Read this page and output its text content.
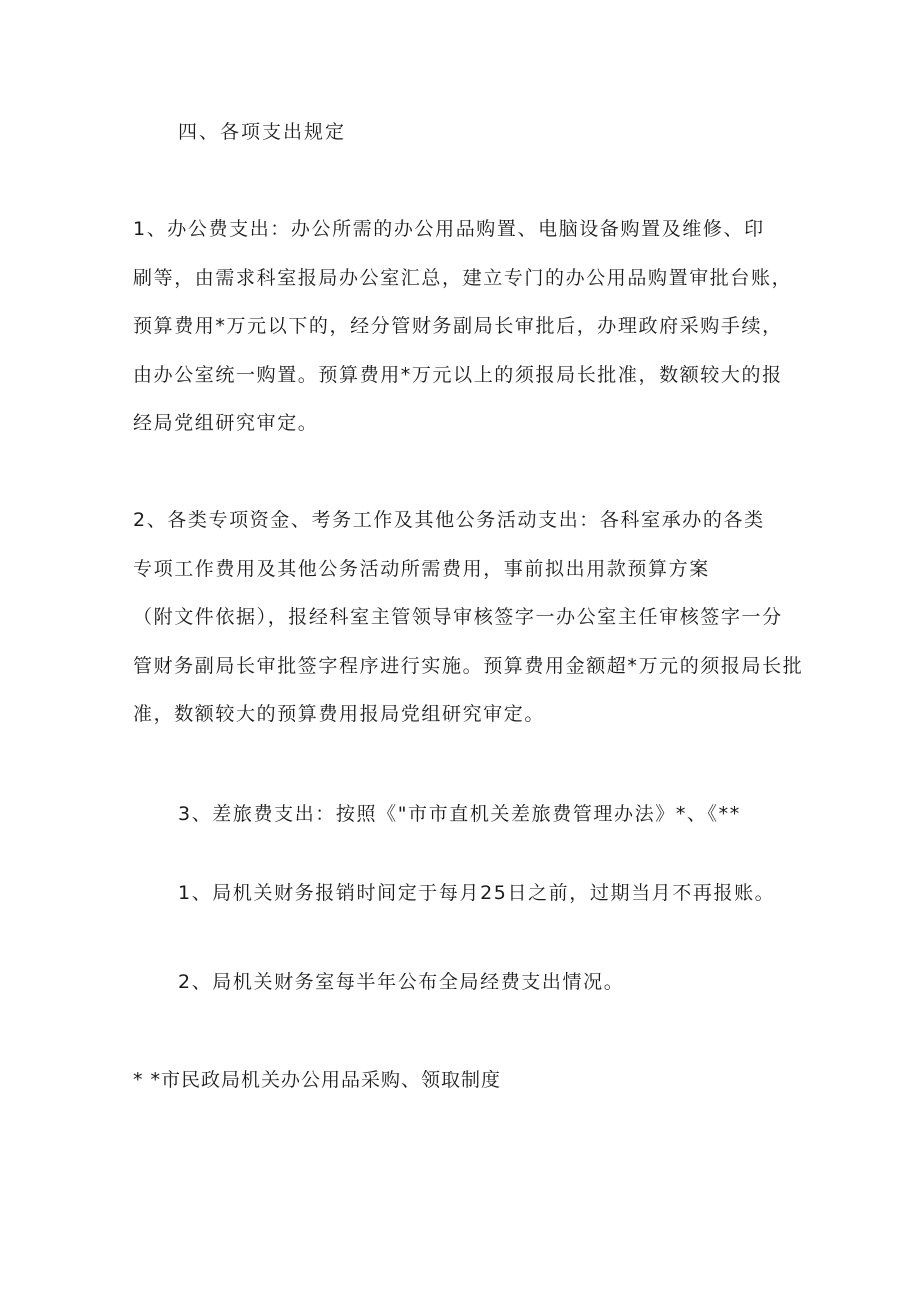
四、各项支出规定
1、办公费支出：办公所需的办公用品购置、电脑设备购置及维修、印
刷等，由需求科室报局办公室汇总，建立专门的办公用品购置审批台账，
预算费用*万元以下的，经分管财务副局长审批后，办理政府采购手续，
由办公室统一购置。预算费用*万元以上的须报局长批准，数额较大的报
经局党组研究审定。
2、各类专项资金、考务工作及其他公务活动支出：各科室承办的各类
专项工作费用及其他公务活动所需费用，事前拟出用款预算方案
（附文件依据），报经科室主管领导审核签字一办公室主任审核签字一分
管财务副局长审批签字程序进行实施。预算费用金额超*万元的须报局长批
准，数额较大的预算费用报局党组研究审定。
3、差旅费支出：按照《"市市直机关差旅费管理办法》*、《**
1、局机关财务报销时间定于每月25日之前，过期当月不再报账。
2、局机关财务室每半年公布全局经费支出情况。
* *市民政局机关办公用品采购、领取制度
